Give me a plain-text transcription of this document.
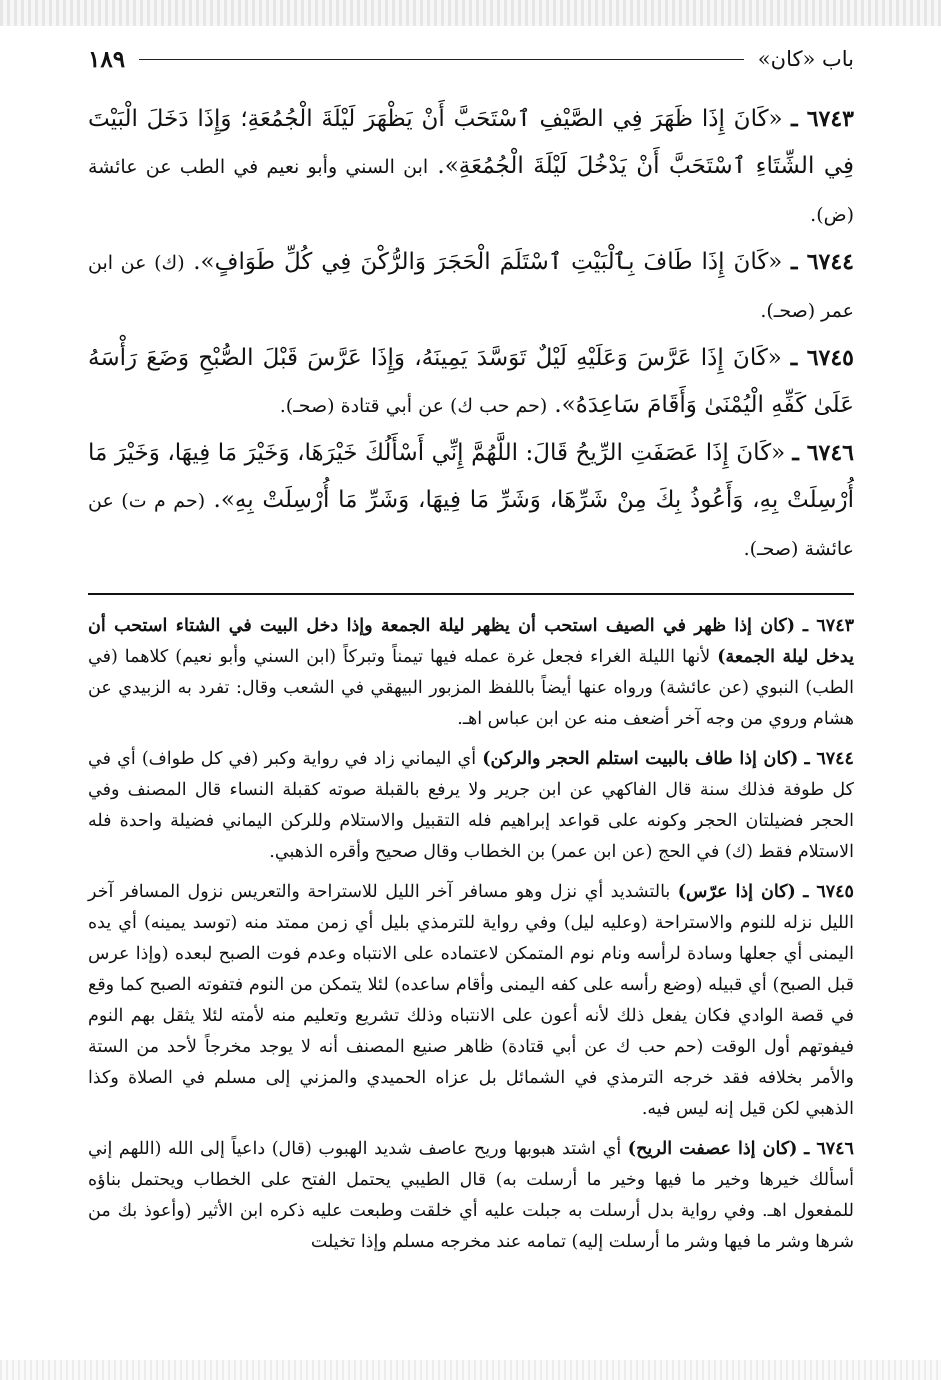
باب «كان»
١٨٩

٦٧٤٣ ـ «كَانَ إِذَا ظَهَرَ فِي الصَّيْفِ ٱسْتَحَبَّ أَنْ يَظْهَرَ لَيْلَةَ الْجُمُعَةِ؛ وَإِذَا دَخَلَ الْبَيْتَ فِي الشِّتَاءِ ٱسْتَحَبَّ أَنْ يَدْخُلَ لَيْلَةَ الْجُمُعَةِ». ابن السني وأبو نعيم في الطب عن عائشة (ض).

٦٧٤٤ ـ «كَانَ إِذَا طَافَ بِٱلْبَيْتِ ٱسْتَلَمَ الْحَجَرَ وَالرُّكْنَ فِي كُلِّ طَوَافٍ». (ك) عن ابن عمر (صحـ).

٦٧٤٥ ـ «كَانَ إِذَا عَرَّسَ وَعَلَيْهِ لَيْلٌ تَوَسَّدَ يَمِينَهُ، وَإِذَا عَرَّسَ قَبْلَ الصُّبْحِ وَضَعَ رَأْسَهُ عَلَىٰ كَفِّهِ الْيُمْنَىٰ وَأَقَامَ سَاعِدَهُ». (حم حب ك) عن أبي قتادة (صحـ).

٦٧٤٦ ـ «كَانَ إِذَا عَصَفَتِ الرِّيحُ قَالَ: اللَّهُمَّ إِنِّي أَسْأَلُكَ خَيْرَهَا، وَخَيْرَ مَا فِيهَا، وَخَيْرَ مَا أُرْسِلَتْ بِهِ، وَأَعُوذُ بِكَ مِنْ شَرِّهَا، وَشَرِّ مَا فِيهَا، وَشَرِّ مَا أُرْسِلَتْ بِهِ». (حم م ت) عن عائشة (صحـ).

٦٧٤٣ ـ (كان إذا ظهر في الصيف استحب أن يظهر ليلة الجمعة وإذا دخل البيت في الشتاء استحب أن يدخل ليلة الجمعة) لأنها الليلة الغراء فجعل غرة عمله فيها تيمناً وتبركاً (ابن السني وأبو نعيم) كلاهما (في الطب) النبوي (عن عائشة) ورواه عنها أيضاً باللفظ المزبور البيهقي في الشعب وقال: تفرد به الزبيدي عن هشام وروي من وجه آخر أضعف منه عن ابن عباس اهـ.

٦٧٤٤ ـ (كان إذا طاف بالبيت استلم الحجر والركن) أي اليماني زاد في رواية وكبر (في كل طواف) أي في كل طوفة فذلك سنة قال الفاكهي عن ابن جرير ولا يرفع بالقبلة صوته كقبلة النساء قال المصنف وفي الحجر فضيلتان الحجر وكونه على قواعد إبراهيم فله التقبيل والاستلام وللركن اليماني فضيلة واحدة فله الاستلام فقط (ك) في الحج (عن ابن عمر) بن الخطاب وقال صحيح وأقره الذهبي.

٦٧٤٥ ـ (كان إذا عرّس) بالتشديد أي نزل وهو مسافر آخر الليل للاستراحة والتعريس نزول المسافر آخر الليل نزله للنوم والاستراحة (وعليه ليل) وفي رواية للترمذي بليل أي زمن ممتد منه (توسد يمينه) أي يده اليمنى أي جعلها وسادة لرأسه ونام نوم المتمكن لاعتماده على الانتباه وعدم فوت الصبح لبعده (وإذا عرس قبل الصبح) أي قبيله (وضع رأسه على كفه اليمنى وأقام ساعده) لئلا يتمكن من النوم فتفوته الصبح كما وقع في قصة الوادي فكان يفعل ذلك لأنه أعون على الانتباه وذلك تشريع وتعليم منه لأمته لئلا يثقل بهم النوم فيفوتهم أول الوقت (حم حب ك عن أبي قتادة) ظاهر صنيع المصنف أنه لا يوجد مخرجاً لأحد من الستة والأمر بخلافه فقد خرجه الترمذي في الشمائل بل عزاه الحميدي والمزني إلى مسلم في الصلاة وكذا الذهبي لكن قيل إنه ليس فيه.

٦٧٤٦ ـ (كان إذا عصفت الريح) أي اشتد هبوبها وريح عاصف شديد الهبوب (قال) داعياً إلى الله (اللهم إني أسألك خيرها وخير ما فيها وخير ما أرسلت به) قال الطيبي يحتمل الفتح على الخطاب ويحتمل بناؤه للمفعول اهـ. وفي رواية بدل أرسلت به جبلت عليه أي خلقت وطبعت عليه ذكره ابن الأثير (وأعوذ بك من شرها وشر ما فيها وشر ما أرسلت إليه) تمامه عند مخرجه مسلم وإذا تخيلت
